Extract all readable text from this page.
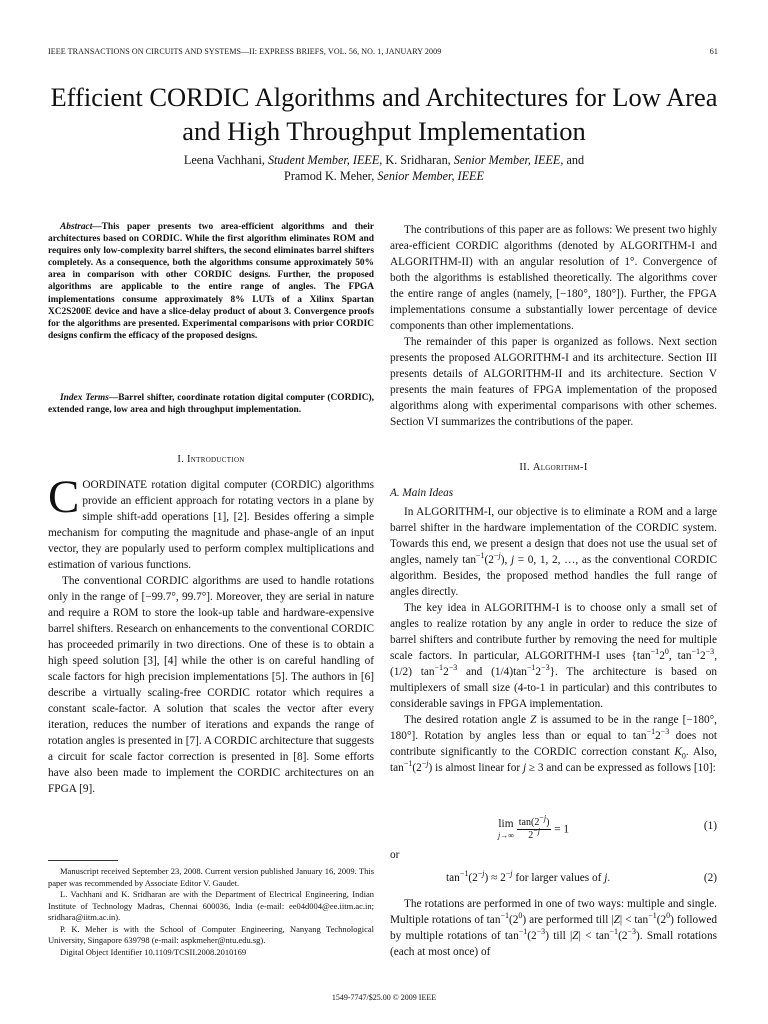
IEEE TRANSACTIONS ON CIRCUITS AND SYSTEMS—II: EXPRESS BRIEFS, VOL. 56, NO. 1, JANUARY 2009	61
Efficient CORDIC Algorithms and Architectures for Low Area and High Throughput Implementation
Leena Vachhani, Student Member, IEEE, K. Sridharan, Senior Member, IEEE, and
Pramod K. Meher, Senior Member, IEEE

Abstract—This paper presents two area-efficient algorithms and their architectures based on CORDIC. While the first algorithm eliminates ROM and requires only low-complexity barrel shifters, the second eliminates barrel shifters completely. As a consequence, both the algorithms consume approximately 50% area in comparison with other CORDIC designs. Further, the proposed algorithms are applicable to the entire range of angles. The FPGA implementations consume approximately 8% LUTs of a Xilinx Spartan XC2S200E device and have a slice-delay product of about 3. Convergence proofs for the algorithms are presented. Experimental comparisons with prior CORDIC designs confirm the efficacy of the proposed designs.

Index Terms—Barrel shifter, coordinate rotation digital computer (CORDIC), extended range, low area and high throughput implementation.

I. Introduction

COORDINATE rotation digital computer (CORDIC) algorithms provide an efficient approach for rotating vectors in a plane by simple shift-add operations [1], [2]. Besides offering a simple mechanism for computing the magnitude and phase-angle of an input vector, they are popularly used to perform complex multiplications and estimation of various functions.

The conventional CORDIC algorithms are used to handle rotations only in the range of [−99.7°, 99.7°]. Moreover, they are serial in nature and require a ROM to store the look-up table and hardware-expensive barrel shifters. Research on enhancements to the conventional CORDIC has proceeded primarily in two directions. One of these is to obtain a high speed solution [3], [4] while the other is on careful handling of scale factors for high precision implementations [5]. The authors in [6] describe a virtually scaling-free CORDIC rotator which requires a constant scale-factor. A solution that scales the vector after every iteration, reduces the number of iterations and expands the range of rotation angles is presented in [7]. A CORDIC architecture that suggests a circuit for scale factor correction is presented in [8]. Some efforts have also been made to implement the CORDIC architectures on an FPGA [9].

Manuscript received September 23, 2008. Current version published January 16, 2009. This paper was recommended by Associate Editor V. Gaudet.

L. Vachhani and K. Sridharan are with the Department of Electrical Engineering, Indian Institute of Technology Madras, Chennai 600036, India (e-mail: ee04d004@ee.iitm.ac.in; sridhara@iitm.ac.in).

P. K. Meher is with the School of Computer Engineering, Nanyang Technological University, Singapore 639798 (e-mail: aspkmeher@ntu.edu.sg).

Digital Object Identifier 10.1109/TCSII.2008.2010169

The contributions of this paper are as follows: We present two highly area-efficient CORDIC algorithms (denoted by ALGORITHM-I and ALGORITHM-II) with an angular resolution of 1°. Convergence of both the algorithms is established theoretically. The algorithms cover the entire range of angles (namely, [−180°, 180°]). Further, the FPGA implementations consume a substantially lower percentage of device components than other implementations.

The remainder of this paper is organized as follows. Next section presents the proposed ALGORITHM-I and its architecture. Section III presents details of ALGORITHM-II and its architecture. Section V presents the main features of FPGA implementation of the proposed algorithms along with experimental comparisons with other schemes. Section VI summarizes the contributions of the paper.

II. Algorithm-I
A. Main Ideas

In ALGORITHM-I, our objective is to eliminate a ROM and a large barrel shifter in the hardware implementation of the CORDIC system. Towards this end, we present a design that does not use the usual set of angles, namely $\tan^{-1}(2^{-j})$, j = 0, 1, 2, …, as the conventional CORDIC algorithm. Besides, the proposed method handles the full range of angles directly.

The key idea in ALGORITHM-I is to choose only a small set of angles to realize rotation by any angle in order to reduce the size of barrel shifters and contribute further by removing the need for multiple scale factors. In particular, ALGORITHM-I uses {$\tan^{-1}2^0$, $\tan^{-1}2^{-3}$, (1/2) $\tan^{-1}2^{-3}$ and $(1/4)\tan^{-1}2^{-3}$}. The architecture is based on multiplexers of small size (4-to-1 in particular) and this contributes to considerable savings in FPGA implementation.

The desired rotation angle Z is assumed to be in the range [−180°, 180°]. Rotation by angles less than or equal to $\tan^{-1}2^{-3}$ does not contribute significantly to the CORDIC correction constant $K_0$. Also, $\tan^{-1}(2^{-j})$ is almost linear for j ≥ 3 and can be expressed as follows [10]:

lim
$j\to\infty \frac{\tan(2^{-j})}{2^{-j}} = 1$	(1)
or
$\tan^{-1}(2^{-j}) \approx 2^{-j}$ for larger values of j.	(2)

The rotations are performed in one of two ways: multiple and single. Multiple rotations of $\tan^{-1}(2^0)$ are performed till $|Z| < \tan^{-1}(2^0)$ followed by multiple rotations of $\tan^{-1}(2^{-3})$ till $|Z| < \tan^{-1}(2^{-3})$. Small rotations (each at most once) of

1549-7747/$25.00 © 2009 IEEE
